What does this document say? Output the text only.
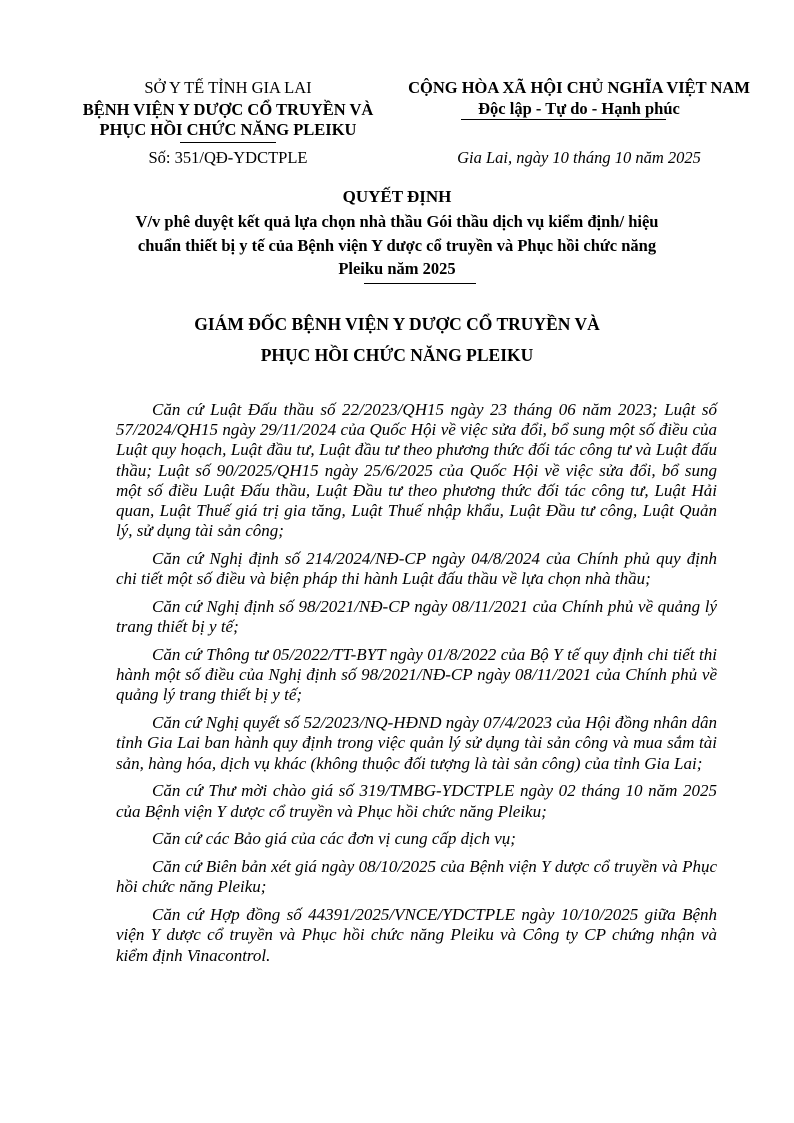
SỞ Y TẾ TỈNH GIA LAI
BỆNH VIỆN Y DƯỢC CỔ TRUYỀN VÀ
PHỤC HỒI CHỨC NĂNG PLEIKU
Số: 351/QĐ-YDCTPLE
CỘNG HÒA XÃ HỘI CHỦ NGHĨA VIỆT NAM
Độc lập - Tự do - Hạnh phúc
Gia Lai, ngày 10 tháng 10 năm 2025
QUYẾT ĐỊNH
V/v phê duyệt kết quả lựa chọn nhà thầu Gói thầu dịch vụ kiểm định/ hiệu
chuẩn thiết bị y tế của Bệnh viện Y dược cổ truyền và Phục hồi chức năng
Pleiku năm 2025
GIÁM ĐỐC BỆNH VIỆN Y DƯỢC CỔ TRUYỀN VÀ
PHỤC HỒI CHỨC NĂNG PLEIKU

Căn cứ Luật Đấu thầu số 22/2023/QH15 ngày 23 tháng 06 năm 2023; Luật số 57/2024/QH15 ngày 29/11/2024 của Quốc Hội về việc sửa đổi, bổ sung một số điều của Luật quy hoạch, Luật đầu tư, Luật đầu tư theo phương thức đối tác công tư và Luật đấu thầu; Luật số 90/2025/QH15 ngày 25/6/2025 của Quốc Hội về việc sửa đổi, bổ sung một số điều Luật Đấu thầu, Luật Đầu tư theo phương thức đối tác công tư, Luật Hải quan, Luật Thuế giá trị gia tăng, Luật Thuế nhập khẩu, Luật Đầu tư công, Luật Quản lý, sử dụng tài sản công;

Căn cứ Nghị định số 214/2024/NĐ-CP ngày 04/8/2024 của Chính phủ quy định chi tiết một số điều và biện pháp thi hành Luật đấu thầu về lựa chọn nhà thầu;

Căn cứ Nghị định số 98/2021/NĐ-CP ngày 08/11/2021 của Chính phủ về quảng lý trang thiết bị y tế;

Căn cứ Thông tư 05/2022/TT-BYT ngày 01/8/2022 của Bộ Y tế quy định chi tiết thi hành một số điều của Nghị định số 98/2021/NĐ-CP ngày 08/11/2021 của Chính phủ về quảng lý trang thiết bị y tế;

Căn cứ Nghị quyết số 52/2023/NQ-HĐND ngày 07/4/2023 của Hội đồng nhân dân tỉnh Gia Lai ban hành quy định trong việc quản lý sử dụng tài sản công và mua sắm tài sản, hàng hóa, dịch vụ khác (không thuộc đối tượng là tài sản công) của tỉnh Gia Lai;

Căn cứ Thư mời chào giá số 319/TMBG-YDCTPLE ngày 02 tháng 10 năm 2025 của Bệnh viện Y dược cổ truyền và Phục hồi chức năng Pleiku;

Căn cứ các Bảo giá của các đơn vị cung cấp dịch vụ;

Căn cứ Biên bản xét giá ngày 08/10/2025 của Bệnh viện Y dược cổ truyền và Phục hồi chức năng Pleiku;

Căn cứ Hợp đồng số 44391/2025/VNCE/YDCTPLE ngày 10/10/2025 giữa Bệnh viện Y dược cổ truyền và Phục hồi chức năng Pleiku và Công ty CP chứng nhận và kiểm định Vinacontrol.
